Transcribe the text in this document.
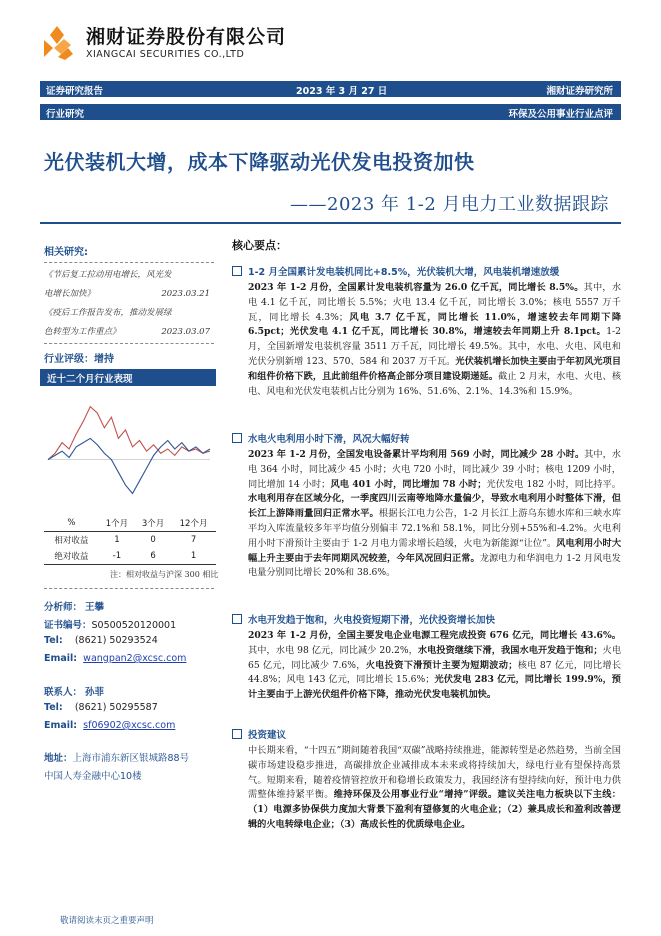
湘财证券股份有限公司
XIANGCAI SECURITIES CO.,LTD
证券研究报告	2023 年 3 月 27 日	湘财证券研究所
行业研究	环保及公用事业行业点评
光伏装机大增，成本下降驱动光伏发电投资加快
——2023 年 1-2 月电力工业数据跟踪
相关研究:
《节后复工拉动用电增长，风光发
电增长加快》	2023.03.21
《疫后工作报告发布，推动发展绿
色转型为工作重点》	2023.03.07
行业评级：增持
近十二个月行业表现
%	1个月	3个月	12个月
相对收益	1	0	7
绝对收益	-1	6	1
注：相对收益与沪深 300 相比
分析师： 王攀
证书编号：S0500520120001
Tel: (8621) 50293524
Email: wangpan2@xcsc.com
联系人： 孙菲
Tel: (8621) 50295587
Email: sf06902@xcsc.com
地址：上海市浦东新区银城路88号
中国人寿金融中心10楼
核心要点：
1-2 月全国累计发电装机同比+8.5%，光伏装机大增，风电装机增速放缓
2023 年 1-2 月份，全国累计发电装机容量为 26.0 亿千瓦，同比增长 8.5%。其中，水电 4.1 亿千瓦，同比增长 5.5%；火电 13.4 亿千瓦，同比增长 3.0%；核电 5557 万千瓦，同比增长 4.3%；风电 3.7 亿千瓦，同比增长 11.0%，增速较去年同期下降 6.5pct；光伏发电 4.1 亿千瓦，同比增长 30.8%，增速较去年同期上升 8.1pct。1-2 月，全国新增发电装机容量 3511 万千瓦，同比增长 49.5%。其中，水电、火电、风电和光伏分别新增 123、570、584 和 2037 万千瓦。光伏装机增长加快主要由于年初风光项目和组件价格下跌，且此前组件价格高企部分项目建设期递延。截止 2 月末，水电、火电、核电、风电和光伏发电装机占比分别为 16%、51.6%、2.1%、14.3%和 15.9%。
水电火电利用小时下滑，风况大幅好转
2023 年 1-2 月份，全国发电设备累计平均利用 569 小时，同比减少 28 小时。其中，水电 364 小时，同比减少 45 小时；火电 720 小时，同比减少 39 小时；核电 1209 小时，同比增加 14 小时；风电 401 小时，同比增加 78 小时；光伏发电 182 小时，同比持平。水电利用存在区域分化，一季度四川云南等地降水量偏少，导致水电利用小时整体下滑，但长江上游降雨量回归正常水平。根据长江电力公告，1-2 月长江上游乌东德水库和三峡水库平均入库流量较多年平均值分别偏丰 72.1%和 58.1%，同比分别+55%和-4.2%。火电利用小时下滑预计主要由于 1-2 月电力需求增长趋缓，火电为新能源“让位”。风电利用小时大幅上升主要由于去年同期风况较差，今年风况回归正常。龙源电力和华润电力 1-2 月风电发电量分别同比增长 20%和 38.6%。
水电开发趋于饱和，火电投资短期下滑，光伏投资增长加快
2023 年 1-2 月份，全国主要发电企业电源工程完成投资 676 亿元，同比增长 43.6%。其中，水电 98 亿元，同比减少 20.2%，水电投资继续下滑，我国水电开发趋于饱和；火电 65 亿元，同比减少 7.6%，火电投资下滑预计主要为短期波动；核电 87 亿元，同比增长 44.8%；风电 143 亿元，同比增长 15.6%；光伏发电 283 亿元，同比增长 199.9%，预计主要由于上游光伏组件价格下降，推动光伏发电装机加快。
投资建议
中长期来看，“十四五”期间随着我国“双碳”战略持续推进，能源转型是必然趋势，当前全国碳市场建设稳步推进，高碳排放企业减排成本未来或将持续加大，绿电行业有望保持高景气。短期来看，随着疫情管控放开和稳增长政策发力，我国经济有望持续向好，预计电力供需整体维持紧平衡。维持环保及公用事业行业“增持”评级。建议关注电力板块以下主线：（1）电源多协保供力度加大背景下盈利有望修复的火电企业；（2）兼具成长和盈利改善逻辑的火电转绿电企业；（3）高成长性的优质绿电企业。
敬请阅读末页之重要声明
